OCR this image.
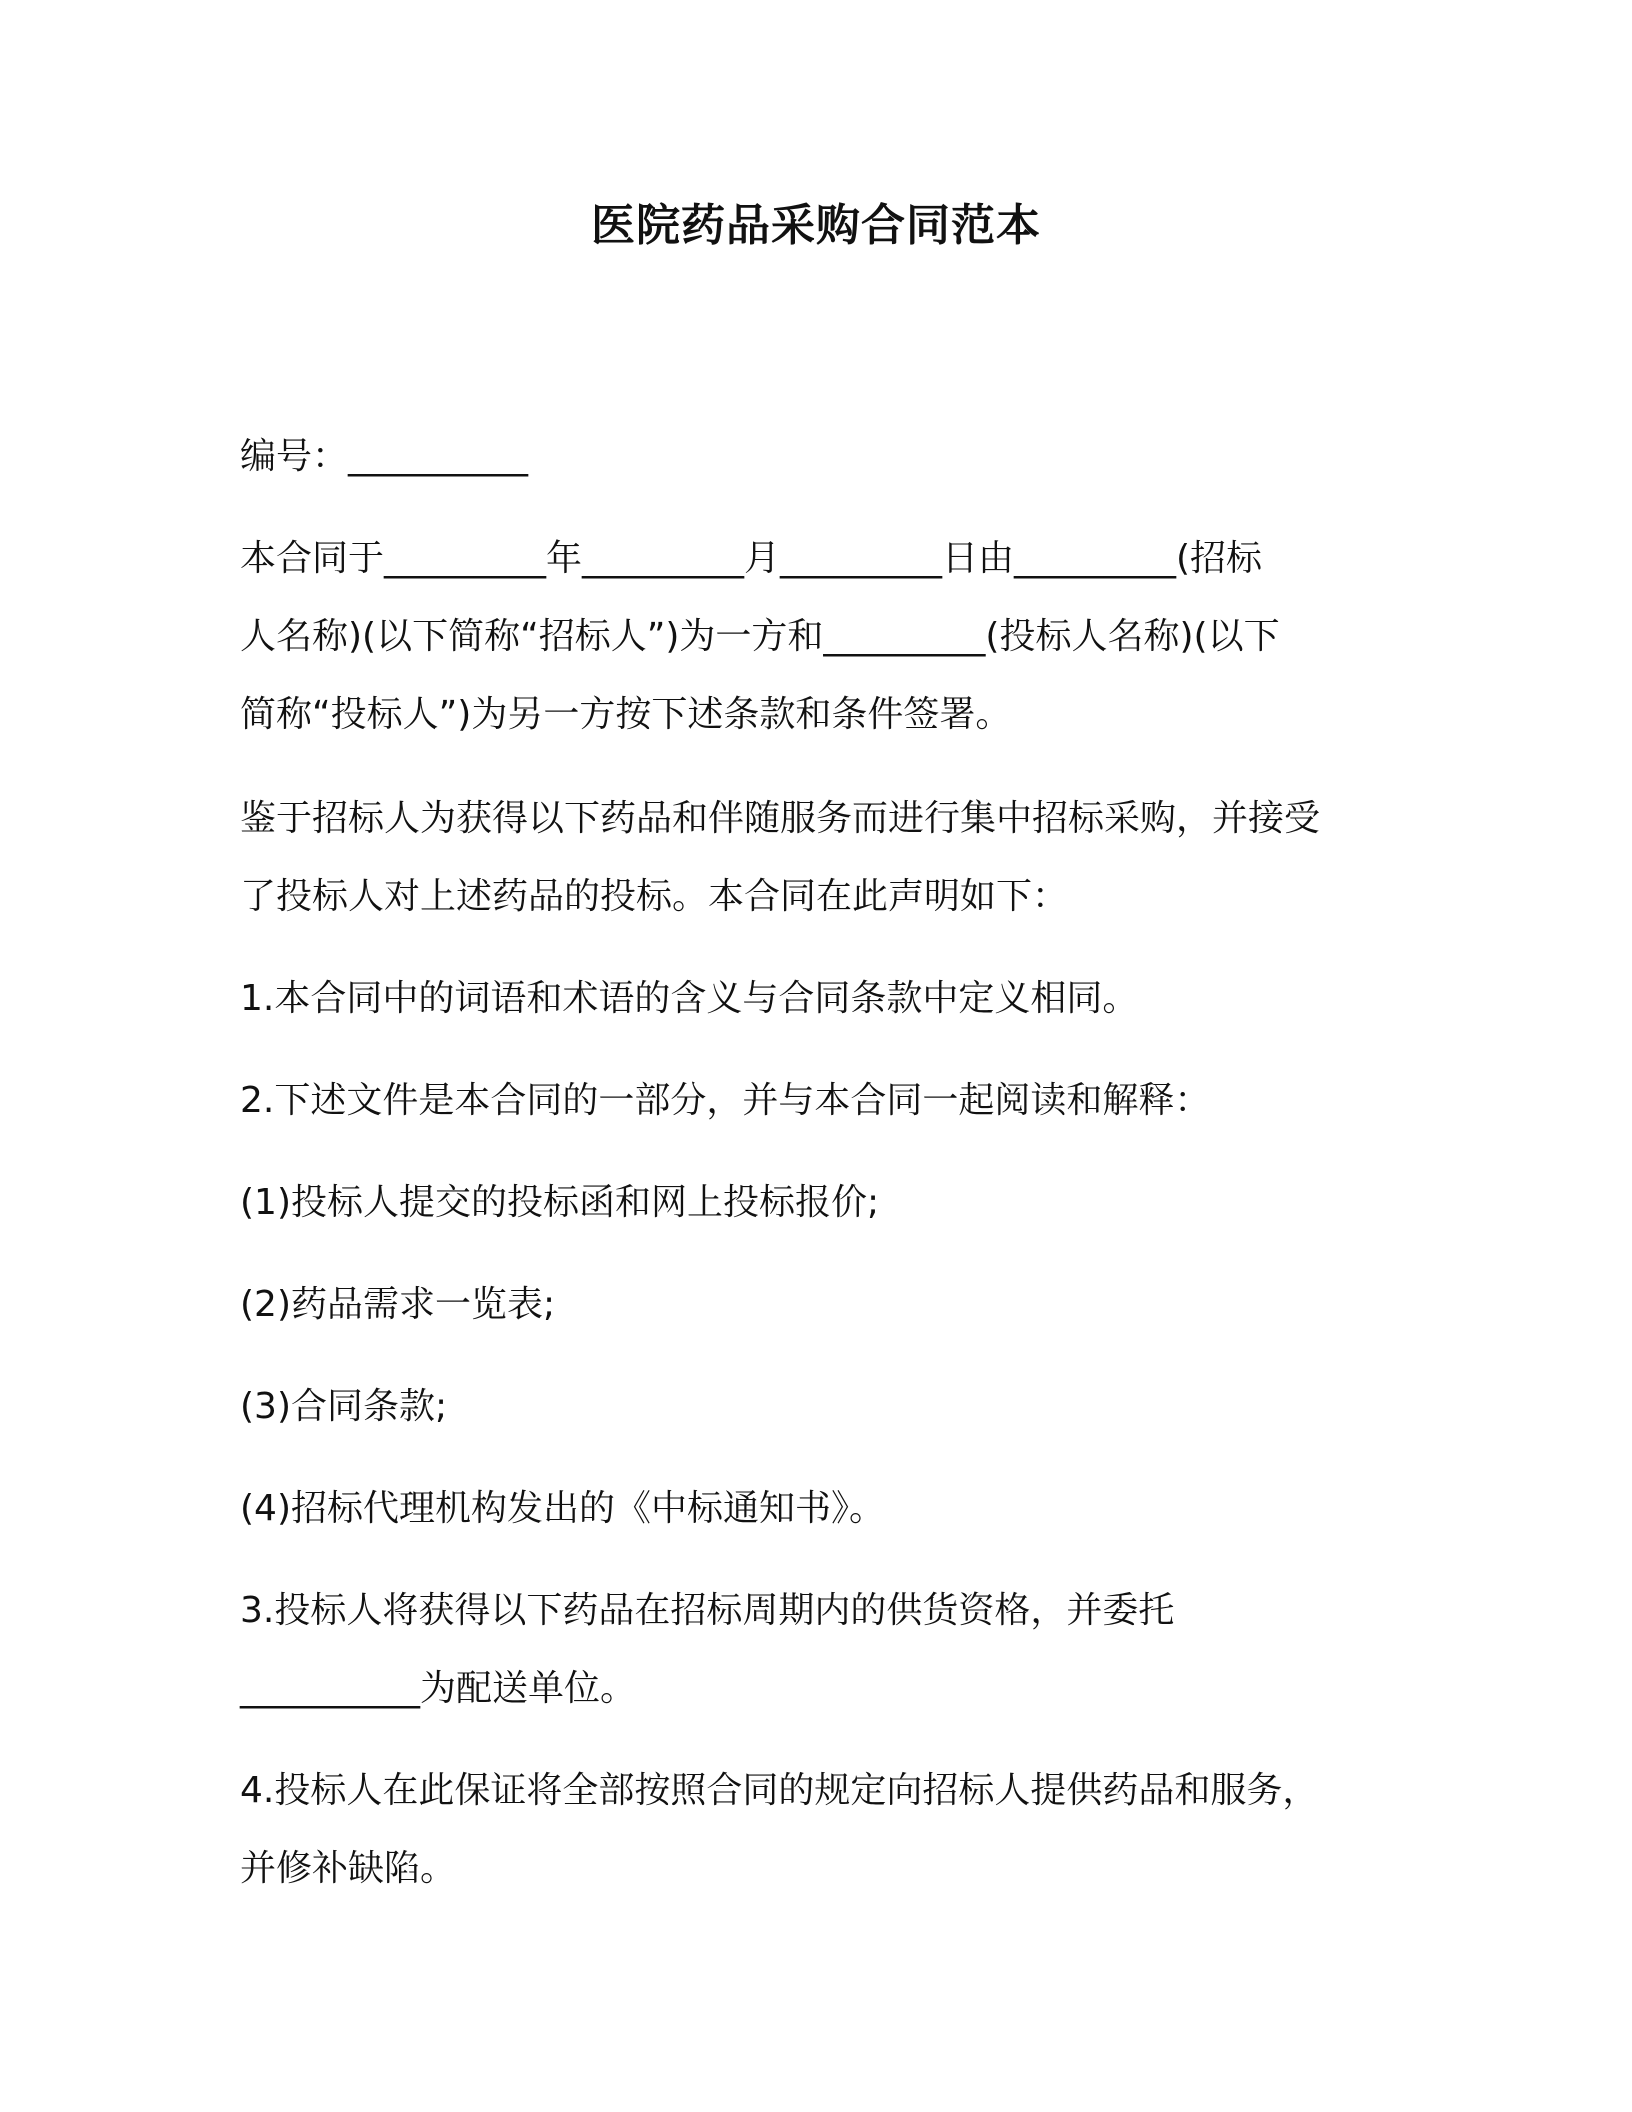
医院药品采购合同范本
编号：__________
本合同于_________年_________月_________日由_________(招标
人名称)(以下简称“招标人”)为一方和_________(投标人名称)(以下
简称“投标人”)为另一方按下述条款和条件签署。
鉴于招标人为获得以下药品和伴随服务而进行集中招标采购，并接受
了投标人对上述药品的投标。本合同在此声明如下：
1.本合同中的词语和术语的含义与合同条款中定义相同。
2.下述文件是本合同的一部分，并与本合同一起阅读和解释：
(1)投标人提交的投标函和网上投标报价;
(2)药品需求一览表;
(3)合同条款;
(4)招标代理机构发出的《中标通知书》。
3.投标人将获得以下药品在招标周期内的供货资格，并委托
__________为配送单位。
4.投标人在此保证将全部按照合同的规定向招标人提供药品和服务，
并修补缺陷。
